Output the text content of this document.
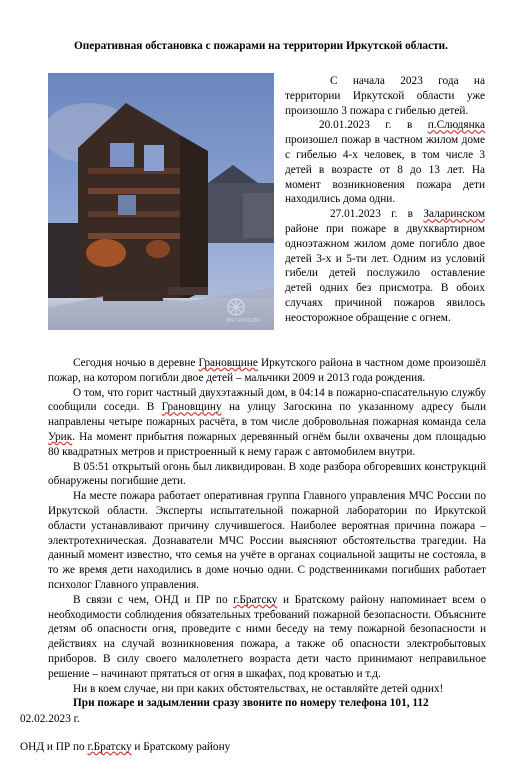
Оперативная обстановка с пожарами на территории Иркутской области.
МЧС РОССИИ

С начала 2023 года на территории Иркутской области уже произошло 3 пожара с гибелью детей.

20.01.2023 г. в п.Слюдянка произошел пожар в частном жилом доме с гибелью 4-х человек, в том числе 3 детей в возрасте от 8 до 13 лет. На момент возникновения пожара дети находились дома одни.

27.01.2023 г. в Заларинском районе при пожаре в двухквартирном одноэтажном жилом доме погибло двое детей 3-х и 5-ти лет. Одним из условий гибели детей послужило оставление детей одних без присмотра. В обоих случаях причиной пожаров явилось неосторожное обращение с огнем.

Сегодня ночью в деревне Грановщине Иркутского района в частном доме произошёл пожар, на котором погибли двое детей – мальчики 2009 и 2013 года рождения.

О том, что горит частный двухэтажный дом, в 04:14 в пожарно-спасательную службу сообщили соседи. В Грановщину на улицу Загоскина по указанному адресу были направлены четыре пожарных расчёта, в том числе добровольная пожарная команда села Урик. На момент прибытия пожарных деревянный огнём были охвачены дом площадью 80 квадратных метров и пристроенный к нему гараж с автомобилем внутри.

В 05:51 открытый огонь был ликвидирован. В ходе разбора обгоревших конструкций обнаружены погибшие дети.

На месте пожара работает оперативная группа Главного управления МЧС России по Иркутской области. Эксперты испытательной пожарной лаборатории по Иркутской области устанавливают причину случившегося. Наиболее вероятная причина пожара – электротехническая. Дознаватели МЧС России выясняют обстоятельства трагедии. На данный момент известно, что семья на учёте в органах социальной защиты не состояла, в то же время дети находились в доме ночью одни. С родственниками погибших работает психолог Главного управления.

В связи с чем, ОНД и ПР по г.Братску и Братскому району напоминает всем о необходимости соблюдения обязательных требований пожарной безопасности. Объясните детям об опасности огня, проведите с ними беседу на тему пожарной безопасности и действиях на случай возникновения пожара, а также об опасности электробытовых приборов. В силу своего малолетнего возраста дети часто принимают неправильное решение – начинают прятаться от огня в шкафах, под кроватью и т.д.

Ни в коем случае, ни при каких обстоятельствах, не оставляйте детей одних!

При пожаре и задымлении сразу звоните по номеру телефона 101, 112

02.02.2023 г.
ОНД и ПР по г.Братску и Братскому району
